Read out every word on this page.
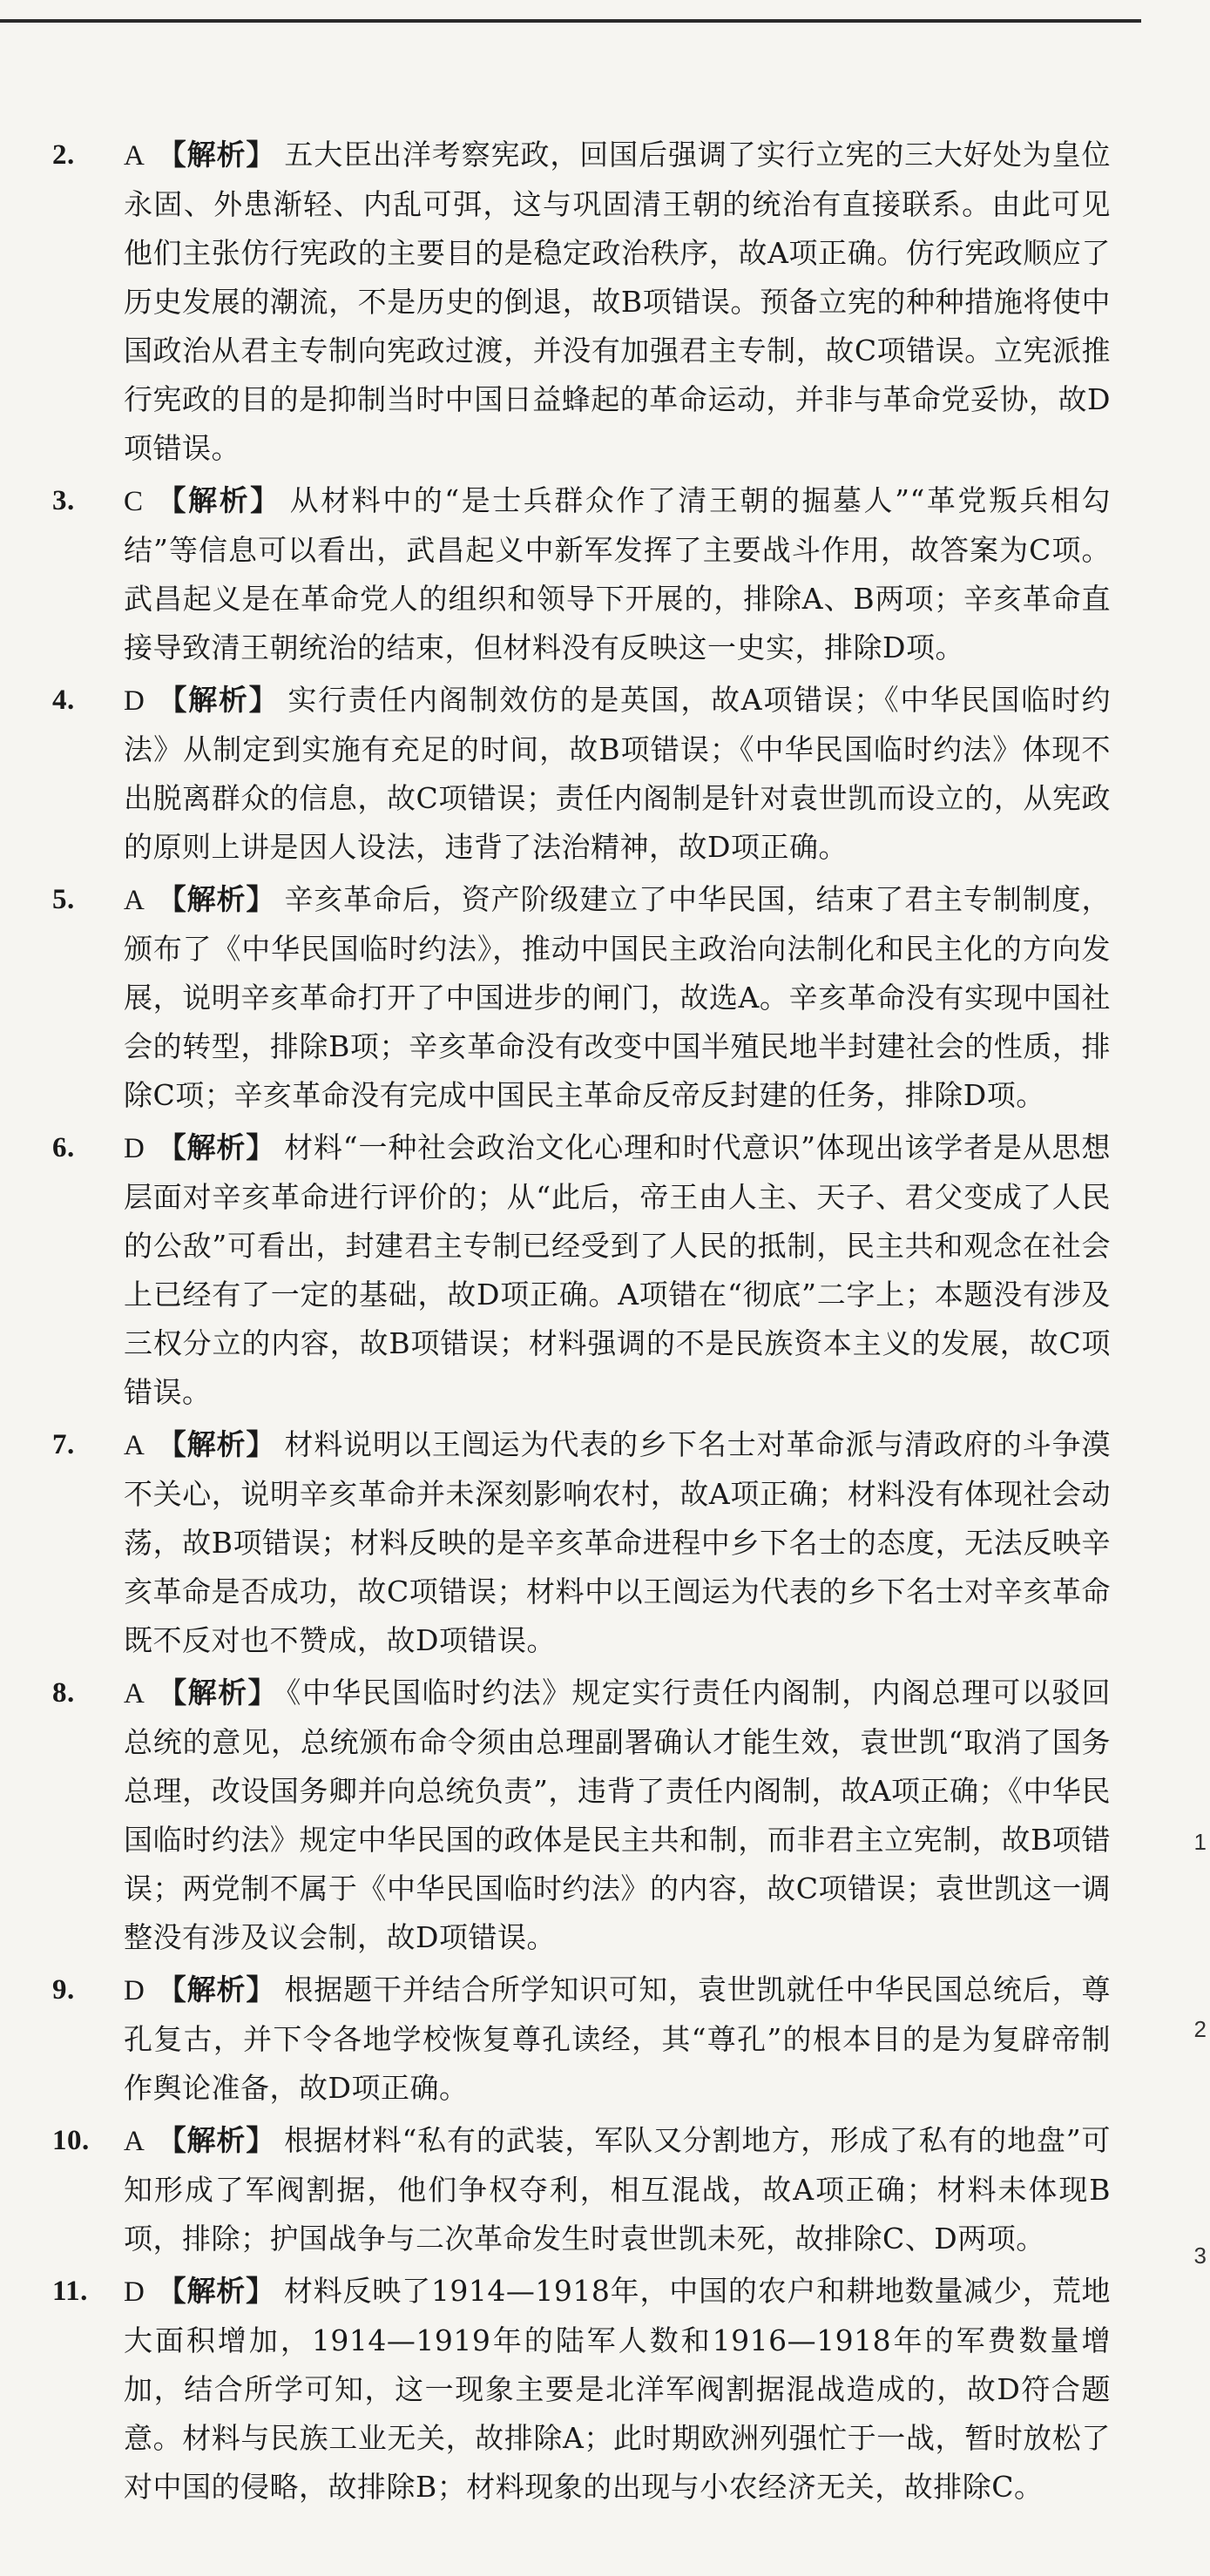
2. A 【解析】 五大臣出洋考察宪政，回国后强调了实行立宪的三大好处为皇位永固、外患渐轻、内乱可弭，这与巩固清王朝的统治有直接联系。由此可见他们主张仿行宪政的主要目的是稳定政治秩序，故A项正确。仿行宪政顺应了历史发展的潮流，不是历史的倒退，故B项错误。预备立宪的种种措施将使中国政治从君主专制向宪政过渡，并没有加强君主专制，故C项错误。立宪派推行宪政的目的是抑制当时中国日益蜂起的革命运动，并非与革命党妥协，故D项错误。
3. C 【解析】 从材料中的“是士兵群众作了清王朝的掘墓人”“革党叛兵相勾结”等信息可以看出，武昌起义中新军发挥了主要战斗作用，故答案为C项。武昌起义是在革命党人的组织和领导下开展的，排除A、B两项；辛亥革命直接导致清王朝统治的结束，但材料没有反映这一史实，排除D项。
4. D 【解析】 实行责任内阁制效仿的是英国，故A项错误；《中华民国临时约法》从制定到实施有充足的时间，故B项错误；《中华民国临时约法》体现不出脱离群众的信息，故C项错误；责任内阁制是针对袁世凯而设立的，从宪政的原则上讲是因人设法，违背了法治精神，故D项正确。
5. A 【解析】 辛亥革命后，资产阶级建立了中华民国，结束了君主专制制度，颁布了《中华民国临时约法》，推动中国民主政治向法制化和民主化的方向发展，说明辛亥革命打开了中国进步的闸门，故选A。辛亥革命没有实现中国社会的转型，排除B项；辛亥革命没有改变中国半殖民地半封建社会的性质，排除C项；辛亥革命没有完成中国民主革命反帝反封建的任务，排除D项。
6. D 【解析】 材料“一种社会政治文化心理和时代意识”体现出该学者是从思想层面对辛亥革命进行评价的；从“此后，帝王由人主、天子、君父变成了人民的公敌”可看出，封建君主专制已经受到了人民的抵制，民主共和观念在社会上已经有了一定的基础，故D项正确。A项错在“彻底”二字上；本题没有涉及三权分立的内容，故B项错误；材料强调的不是民族资本主义的发展，故C项错误。
7. A 【解析】 材料说明以王闿运为代表的乡下名士对革命派与清政府的斗争漠不关心，说明辛亥革命并未深刻影响农村，故A项正确；材料没有体现社会动荡，故B项错误；材料反映的是辛亥革命进程中乡下名士的态度，无法反映辛亥革命是否成功，故C项错误；材料中以王闿运为代表的乡下名士对辛亥革命既不反对也不赞成，故D项错误。
8. A 【解析】 《中华民国临时约法》规定实行责任内阁制，内阁总理可以驳回总统的意见，总统颁布命令须由总理副署确认才能生效，袁世凯“取消了国务总理，改设国务卿并向总统负责”，违背了责任内阁制，故A项正确；《中华民国临时约法》规定中华民国的政体是民主共和制，而非君主立宪制，故B项错误；两党制不属于《中华民国临时约法》的内容，故C项错误；袁世凯这一调整没有涉及议会制，故D项错误。
9. D 【解析】 根据题干并结合所学知识可知，袁世凯就任中华民国总统后，尊孔复古，并下令各地学校恢复尊孔读经，其“尊孔”的根本目的是为复辟帝制作舆论准备，故D项正确。
10. A 【解析】 根据材料“私有的武装，军队又分割地方，形成了私有的地盘”可知形成了军阀割据，他们争权夺利，相互混战，故A项正确；材料未体现B项，排除；护国战争与二次革命发生时袁世凯未死，故排除C、D两项。
11. D 【解析】 材料反映了1914—1918年，中国的农户和耕地数量减少，荒地大面积增加，1914—1919年的陆军人数和1916—1918年的军费数量增加，结合所学可知，这一现象主要是北洋军阀割据混战造成的，故D符合题意。材料与民族工业无关，故排除A；此时期欧洲列强忙于一战，暂时放松了对中国的侵略，故排除B；材料现象的出现与小农经济无关，故排除C。
1
2
3
